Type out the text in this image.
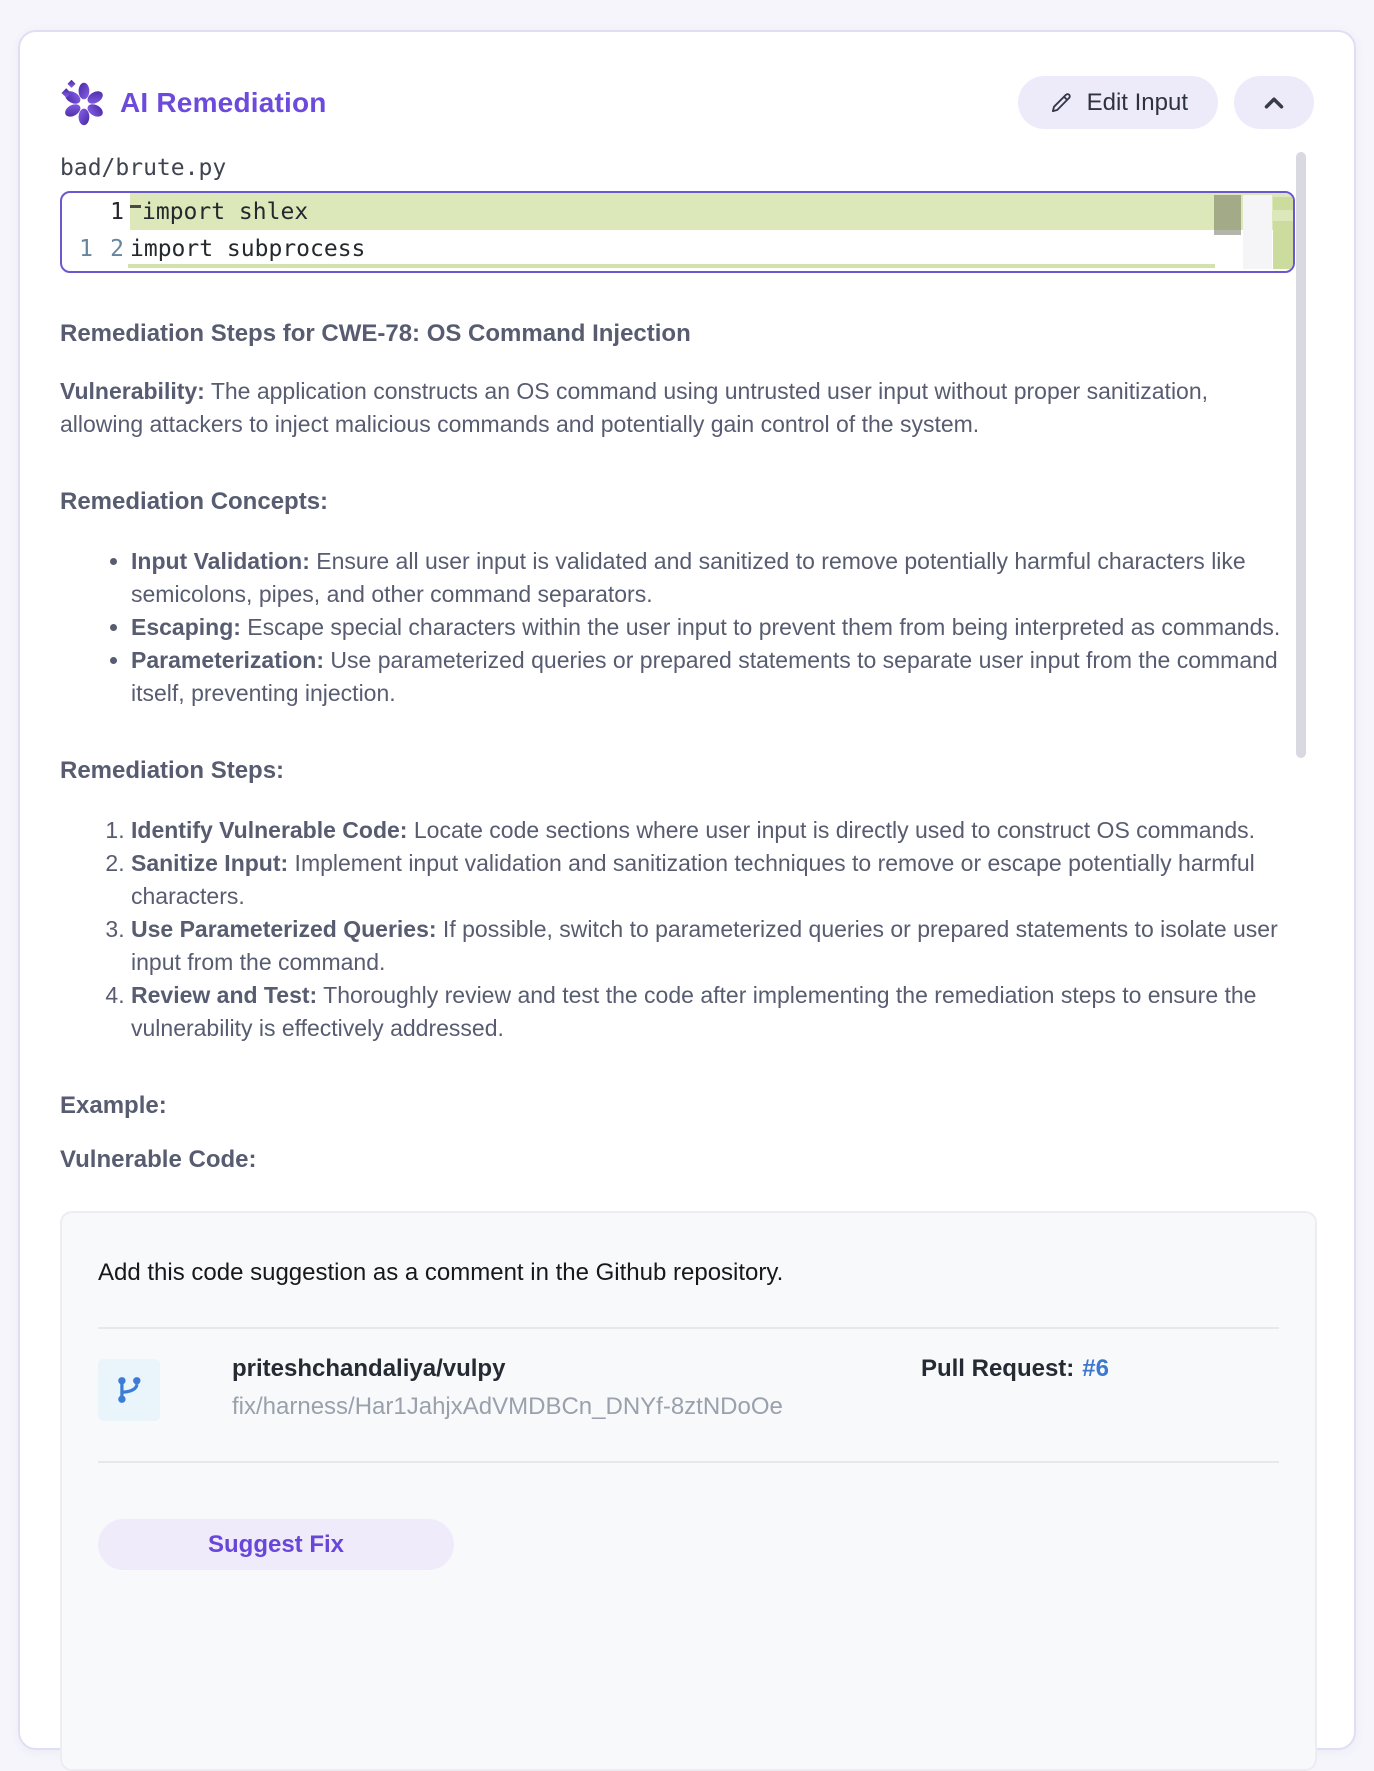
AI Remediation	Edit Input
bad/brute.py
1 import shlex
1 2 import subprocess
Remediation Steps for CWE-78: OS Command Injection

Vulnerability: The application constructs an OS command using untrusted user input without proper sanitization, allowing attackers to inject malicious commands and potentially gain control of the system.

Remediation Concepts:
• Input Validation: Ensure all user input is validated and sanitized to remove potentially harmful characters like semicolons, pipes, and other command separators.
• Escaping: Escape special characters within the user input to prevent them from being interpreted as commands.
• Parameterization: Use parameterized queries or prepared statements to separate user input from the command itself, preventing injection.
Remediation Steps:
1. Identify Vulnerable Code: Locate code sections where user input is directly used to construct OS commands.
2. Sanitize Input: Implement input validation and sanitization techniques to remove or escape potentially harmful characters.
3. Use Parameterized Queries: If possible, switch to parameterized queries or prepared statements to isolate user input from the command.
4. Review and Test: Thoroughly review and test the code after implementing the remediation steps to ensure the vulnerability is effectively addressed.
Example:
Vulnerable Code:
Add this code suggestion as a comment in the Github repository.
priteshchandaliya/vulpy
fix/harness/Har1JahjxAdVMDBCn_DNYf-8ztNDoOe
Pull Request: #6
Suggest Fix
